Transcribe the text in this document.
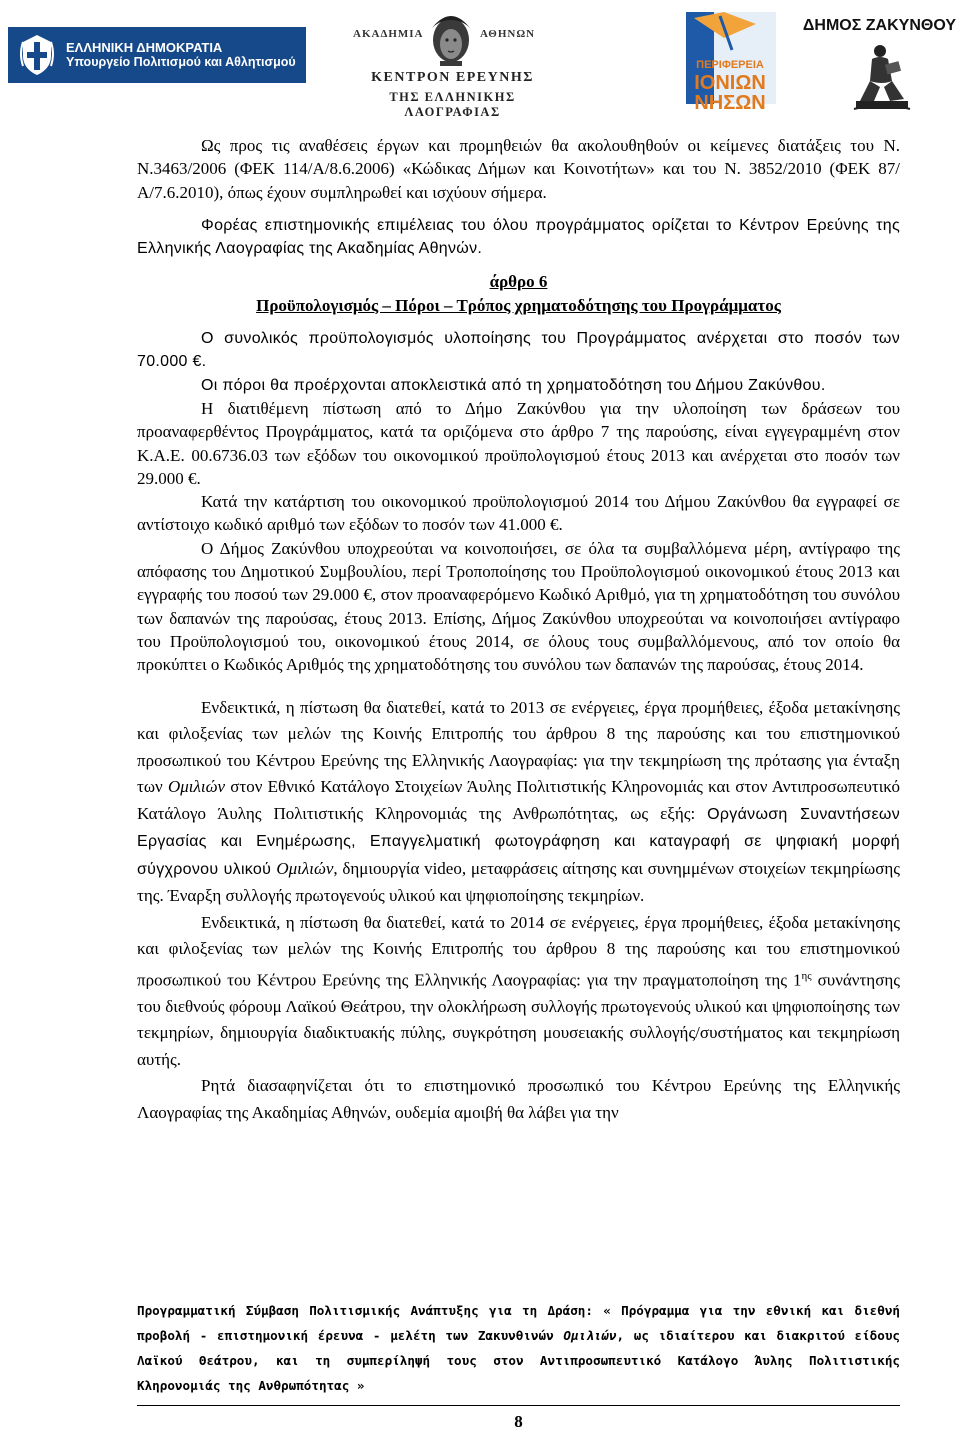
ΕΛΛΗΝΙΚΗ ΔΗΜΟΚΡΑΤΙΑ
Υπουργείο Πολιτισμού και Αθλητισμού
ΑΚΑΔΗΜΙΑ	ΑΘΗΝΩΝ
ΚΕΝΤΡΟΝ ΕΡΕΥΝΗΣ
ΤΗΣ ΕΛΛΗΝΙΚΗΣ ΛΑΟΓΡΑΦΙΑΣ
ΠΕΡΙΦΕΡΕΙΑ
ΙΟΝΙΩΝ
ΝΗΣΩΝ
ΔΗΜΟΣ ΖΑΚΥΝΘΟΥ

Ως προς τις αναθέσεις έργων και προμηθειών θα ακολουθηθούν οι κείμενες διατάξεις του Ν. Ν.3463/2006 (ΦΕΚ 114/Α/8.6.2006) «Κώδικας Δήμων και Κοινοτήτων» και του Ν. 3852/2010 (ΦΕΚ 87/Α/7.6.2010), όπως έχουν συμπληρωθεί και ισχύουν σήμερα.

Φορέας επιστημονικής επιμέλειας του όλου προγράμματος ορίζεται το Κέντρον Ερεύνης της Ελληνικής Λαογραφίας της Ακαδημίας Αθηνών.

άρθρο 6

Προϋπολογισμός – Πόροι – Τρόπος χρηματοδότησης του Προγράμματος

Ο συνολικός προϋπολογισμός υλοποίησης του Προγράμματος ανέρχεται στο ποσόν των 70.000 €.

Οι πόροι θα προέρχονται αποκλειστικά από τη χρηματοδότηση του Δήμου Ζακύνθου.

Η διατιθέμενη πίστωση από το Δήμο Ζακύνθου για την υλοποίηση των δράσεων του προαναφερθέντος Προγράμματος, κατά τα οριζόμενα στο άρθρο 7 της παρούσης, είναι εγγεγραμμένη στον Κ.Α.Ε. 00.6736.03 των εξόδων του οικονομικού προϋπολογισμού έτους 2013 και ανέρχεται στο ποσόν των 29.000 €.

Κατά την κατάρτιση του οικονομικού προϋπολογισμού 2014 του Δήμου Ζακύνθου θα εγγραφεί σε αντίστοιχο κωδικό αριθμό των εξόδων το ποσόν των 41.000 €.

Ο Δήμος Ζακύνθου υποχρεούται να κοινοποιήσει, σε όλα τα συμβαλλόμενα μέρη, αντίγραφο της απόφασης του Δημοτικού Συμβουλίου, περί Τροποποίησης του Προϋπολογισμού οικονομικού έτους 2013 και εγγραφής του ποσού των 29.000 €, στον προαναφερόμενο Κωδικό Αριθμό, για τη χρηματοδότηση του συνόλου των δαπανών της παρούσας, έτους 2013. Επίσης, Δήμος Ζακύνθου υποχρεούται να κοινοποιήσει αντίγραφο του Προϋπολογισμού του, οικονομικού έτους 2014, σε όλους τους συμβαλλόμενους, από τον οποίο θα προκύπτει ο Κωδικός Αριθμός της χρηματοδότησης του συνόλου των δαπανών της παρούσας, έτους 2014.

Ενδεικτικά, η πίστωση θα διατεθεί, κατά το 2013 σε ενέργειες, έργα προμήθειες, έξοδα μετακίνησης και φιλοξενίας των μελών της Κοινής Επιτροπής του άρθρου 8 της παρούσης και του επιστημονικού προσωπικού του Κέντρου Ερεύνης της Ελληνικής Λαογραφίας: για την τεκμηρίωση της πρότασης για ένταξη των Ομιλιών στον Εθνικό Κατάλογο Στοιχείων Άυλης Πολιτιστικής Κληρονομιάς και στον Αντιπροσωπευτικό Κατάλογο Άυλης Πολιτιστικής Κληρονομιάς της Ανθρωπότητας, ως εξής: Οργάνωση Συναντήσεων Εργασίας και Ενημέρωσης, Επαγγελματική φωτογράφηση και καταγραφή σε ψηφιακή μορφή σύγχρονου υλικού Ομιλιών, δημιουργία video, μεταφράσεις αίτησης και συνημμένων στοιχείων τεκμηρίωσης της. Έναρξη συλλογής πρωτογενούς υλικού και ψηφιοποίησης τεκμηρίων.

Ενδεικτικά, η πίστωση θα διατεθεί, κατά το 2014 σε ενέργειες, έργα προμήθειες, έξοδα μετακίνησης και φιλοξενίας των μελών της Κοινής Επιτροπής του άρθρου 8 της παρούσης και του επιστημονικού προσωπικού του Κέντρου Ερεύνης της Ελληνικής Λαογραφίας: για την πραγματοποίηση της $1^{\eta\varsigma}$ συνάντησης του διεθνούς φόρουμ Λαϊκού Θεάτρου, την ολοκλήρωση συλλογής πρωτογενούς υλικού και ψηφιοποίησης των τεκμηρίων, δημιουργία διαδικτυακής πύλης, συγκρότηση μουσειακής συλλογής/συστήματος και τεκμηρίωση αυτής.

Ρητά διασαφηνίζεται ότι το επιστημονικό προσωπικό του Κέντρου Ερεύνης της Ελληνικής Λαογραφίας της Ακαδημίας Αθηνών, ουδεμία αμοιβή θα λάβει για την

Προγραμματική Σύμβαση Πολιτισμικής Ανάπτυξης για τη Δράση: « Πρόγραμμα για την εθνική και διεθνή προβολή - επιστημονική έρευνα - μελέτη των Ζακυνθινών Ομιλιών, ως ιδιαίτερου και διακριτού είδους Λαϊκού Θεάτρου, και τη συμπερίληψή τους στον Αντιπροσωπευτικό Κατάλογο Άυλης Πολιτιστικής Κληρονομιάς της Ανθρωπότητας »
8
